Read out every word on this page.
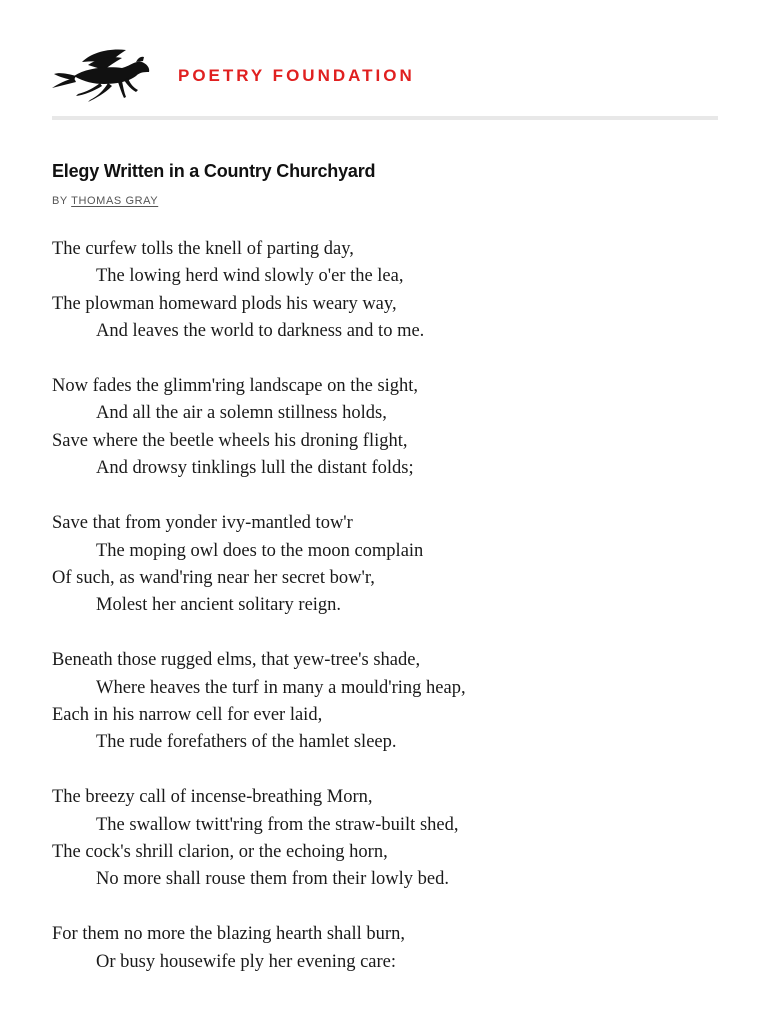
POETRY FOUNDATION
Elegy Written in a Country Churchyard
BY THOMAS GRAY
The curfew tolls the knell of parting day,
The lowing herd wind slowly o'er the lea,
The plowman homeward plods his weary way,
And leaves the world to darkness and to me.
Now fades the glimm'ring landscape on the sight,
And all the air a solemn stillness holds,
Save where the beetle wheels his droning flight,
And drowsy tinklings lull the distant folds;
Save that from yonder ivy-mantled tow'r
The moping owl does to the moon complain
Of such, as wand'ring near her secret bow'r,
Molest her ancient solitary reign.
Beneath those rugged elms, that yew-tree's shade,
Where heaves the turf in many a mould'ring heap,
Each in his narrow cell for ever laid,
The rude forefathers of the hamlet sleep.
The breezy call of incense-breathing Morn,
The swallow twitt'ring from the straw-built shed,
The cock's shrill clarion, or the echoing horn,
No more shall rouse them from their lowly bed.
For them no more the blazing hearth shall burn,
Or busy housewife ply her evening care:
